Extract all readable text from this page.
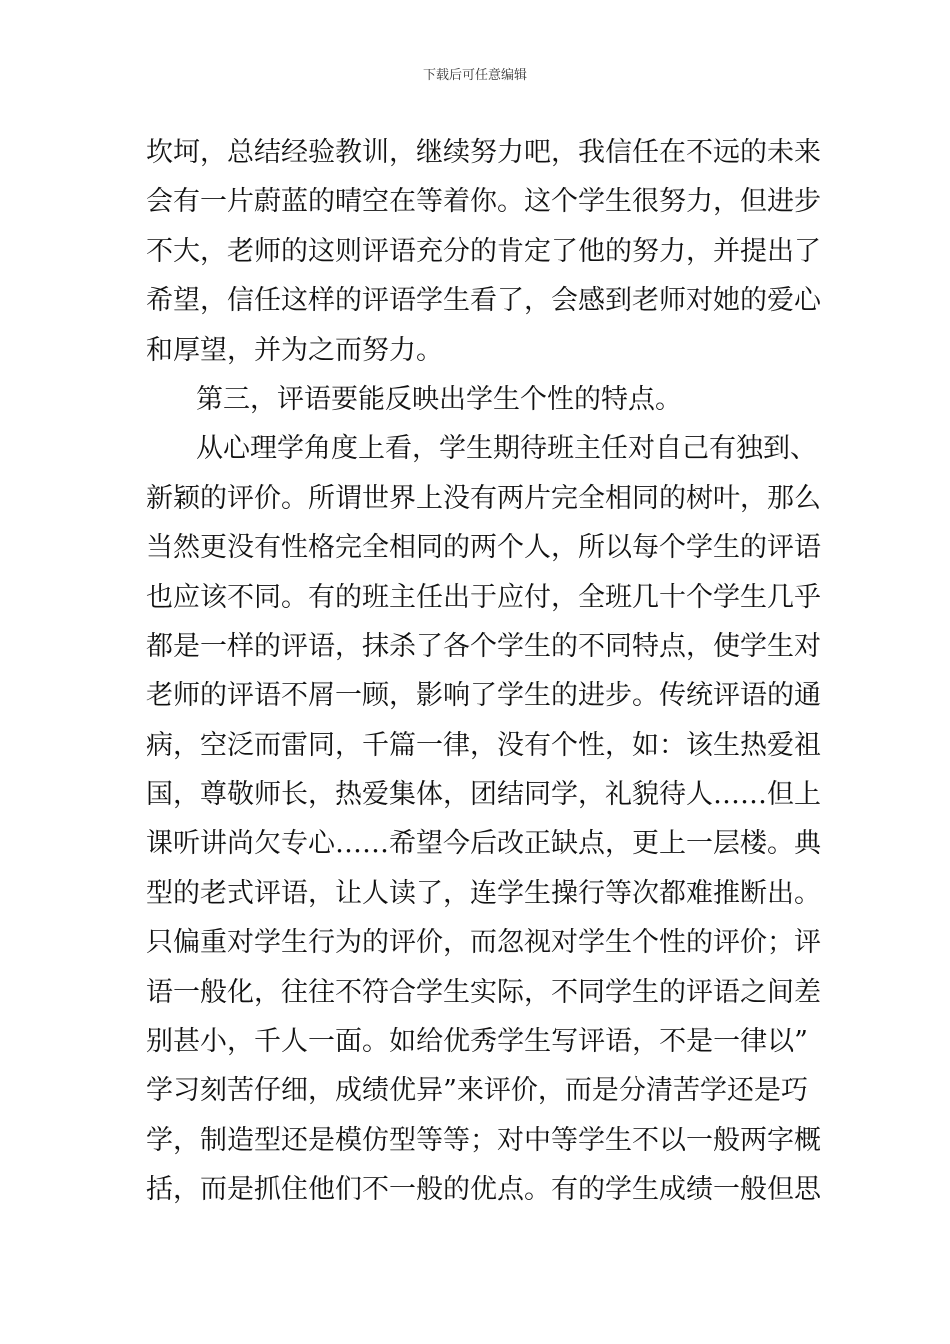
下载后可任意编辑
坎坷，总结经验教训，继续努力吧，我信任在不远的未来
会有一片蔚蓝的晴空在等着你。这个学生很努力，但进步
不大，老师的这则评语充分的肯定了他的努力，并提出了
希望，信任这样的评语学生看了，会感到老师对她的爱心
和厚望，并为之而努力。
第三，评语要能反映出学生个性的特点。
从心理学角度上看，学生期待班主任对自己有独到、
新颖的评价。所谓世界上没有两片完全相同的树叶，那么
当然更没有性格完全相同的两个人，所以每个学生的评语
也应该不同。有的班主任出于应付，全班几十个学生几乎
都是一样的评语，抹杀了各个学生的不同特点，使学生对
老师的评语不屑一顾，影响了学生的进步。传统评语的通
病，空泛而雷同，千篇一律，没有个性，如：该生热爱祖
国，尊敬师长，热爱集体，团结同学，礼貌待人……但上
课听讲尚欠专心……希望今后改正缺点，更上一层楼。典
型的老式评语，让人读了，连学生操行等次都难推断出。
只偏重对学生行为的评价，而忽视对学生个性的评价；评
语一般化，往往不符合学生实际，不同学生的评语之间差
别甚小，千人一面。如给优秀学生写评语，不是一律以”
学习刻苦仔细，成绩优异”来评价，而是分清苦学还是巧
学，制造型还是模仿型等等；对中等学生不以一般两字概
括，而是抓住他们不一般的优点。有的学生成绩一般但思
